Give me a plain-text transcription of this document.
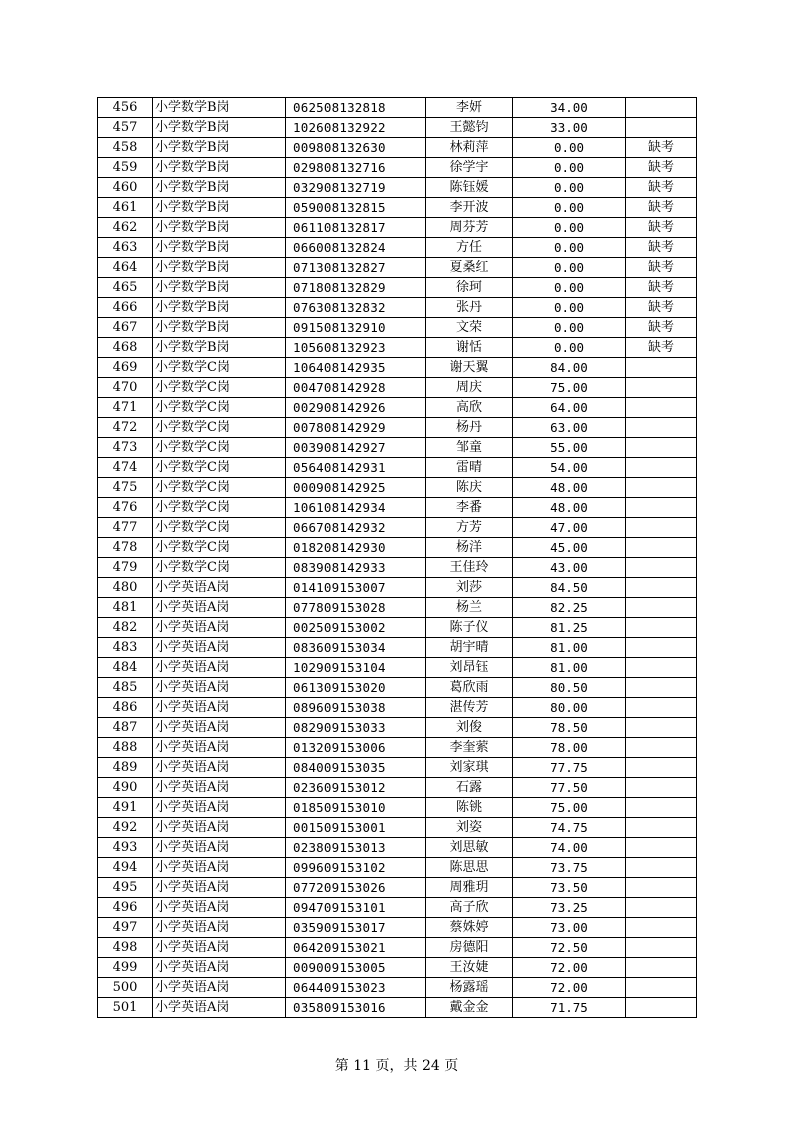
456	小学数学B岗	062508132818	李妍	34.00	
457	小学数学B岗	102608132922	王懿钧	33.00	
458	小学数学B岗	009808132630	林莉萍	0.00	缺考
459	小学数学B岗	029808132716	徐学宇	0.00	缺考
460	小学数学B岗	032908132719	陈钰媛	0.00	缺考
461	小学数学B岗	059008132815	李开波	0.00	缺考
462	小学数学B岗	061108132817	周芬芳	0.00	缺考
463	小学数学B岗	066008132824	方任	0.00	缺考
464	小学数学B岗	071308132827	夏桑红	0.00	缺考
465	小学数学B岗	071808132829	徐珂	0.00	缺考
466	小学数学B岗	076308132832	张丹	0.00	缺考
467	小学数学B岗	091508132910	文荣	0.00	缺考
468	小学数学B岗	105608132923	谢恬	0.00	缺考
469	小学数学C岗	106408142935	谢天翼	84.00	
470	小学数学C岗	004708142928	周庆	75.00	
471	小学数学C岗	002908142926	高欣	64.00	
472	小学数学C岗	007808142929	杨丹	63.00	
473	小学数学C岗	003908142927	邹童	55.00	
474	小学数学C岗	056408142931	雷晴	54.00	
475	小学数学C岗	000908142925	陈庆	48.00	
476	小学数学C岗	106108142934	李番	48.00	
477	小学数学C岗	066708142932	方芳	47.00	
478	小学数学C岗	018208142930	杨洋	45.00	
479	小学数学C岗	083908142933	王佳玲	43.00	
480	小学英语A岗	014109153007	刘莎	84.50	
481	小学英语A岗	077809153028	杨兰	82.25	
482	小学英语A岗	002509153002	陈子仪	81.25	
483	小学英语A岗	083609153034	胡宇晴	81.00	
484	小学英语A岗	102909153104	刘昂钰	81.00	
485	小学英语A岗	061309153020	葛欣雨	80.50	
486	小学英语A岗	089609153038	湛传芳	80.00	
487	小学英语A岗	082909153033	刘俊	78.50	
488	小学英语A岗	013209153006	李奎萦	78.00	
489	小学英语A岗	084009153035	刘家琪	77.75	
490	小学英语A岗	023609153012	石露	77.50	
491	小学英语A岗	018509153010	陈铫	75.00	
492	小学英语A岗	001509153001	刘姿	74.75	
493	小学英语A岗	023809153013	刘思敏	74.00	
494	小学英语A岗	099609153102	陈思思	73.75	
495	小学英语A岗	077209153026	周雅玥	73.50	
496	小学英语A岗	094709153101	高子欣	73.25	
497	小学英语A岗	035909153017	蔡姝婷	73.00	
498	小学英语A岗	064209153021	房德阳	72.50	
499	小学英语A岗	009009153005	王汝婕	72.00	
500	小学英语A岗	064409153023	杨露瑶	72.00	
501	小学英语A岗	035809153016	戴金金	71.75	
第 11 页，共 24 页
